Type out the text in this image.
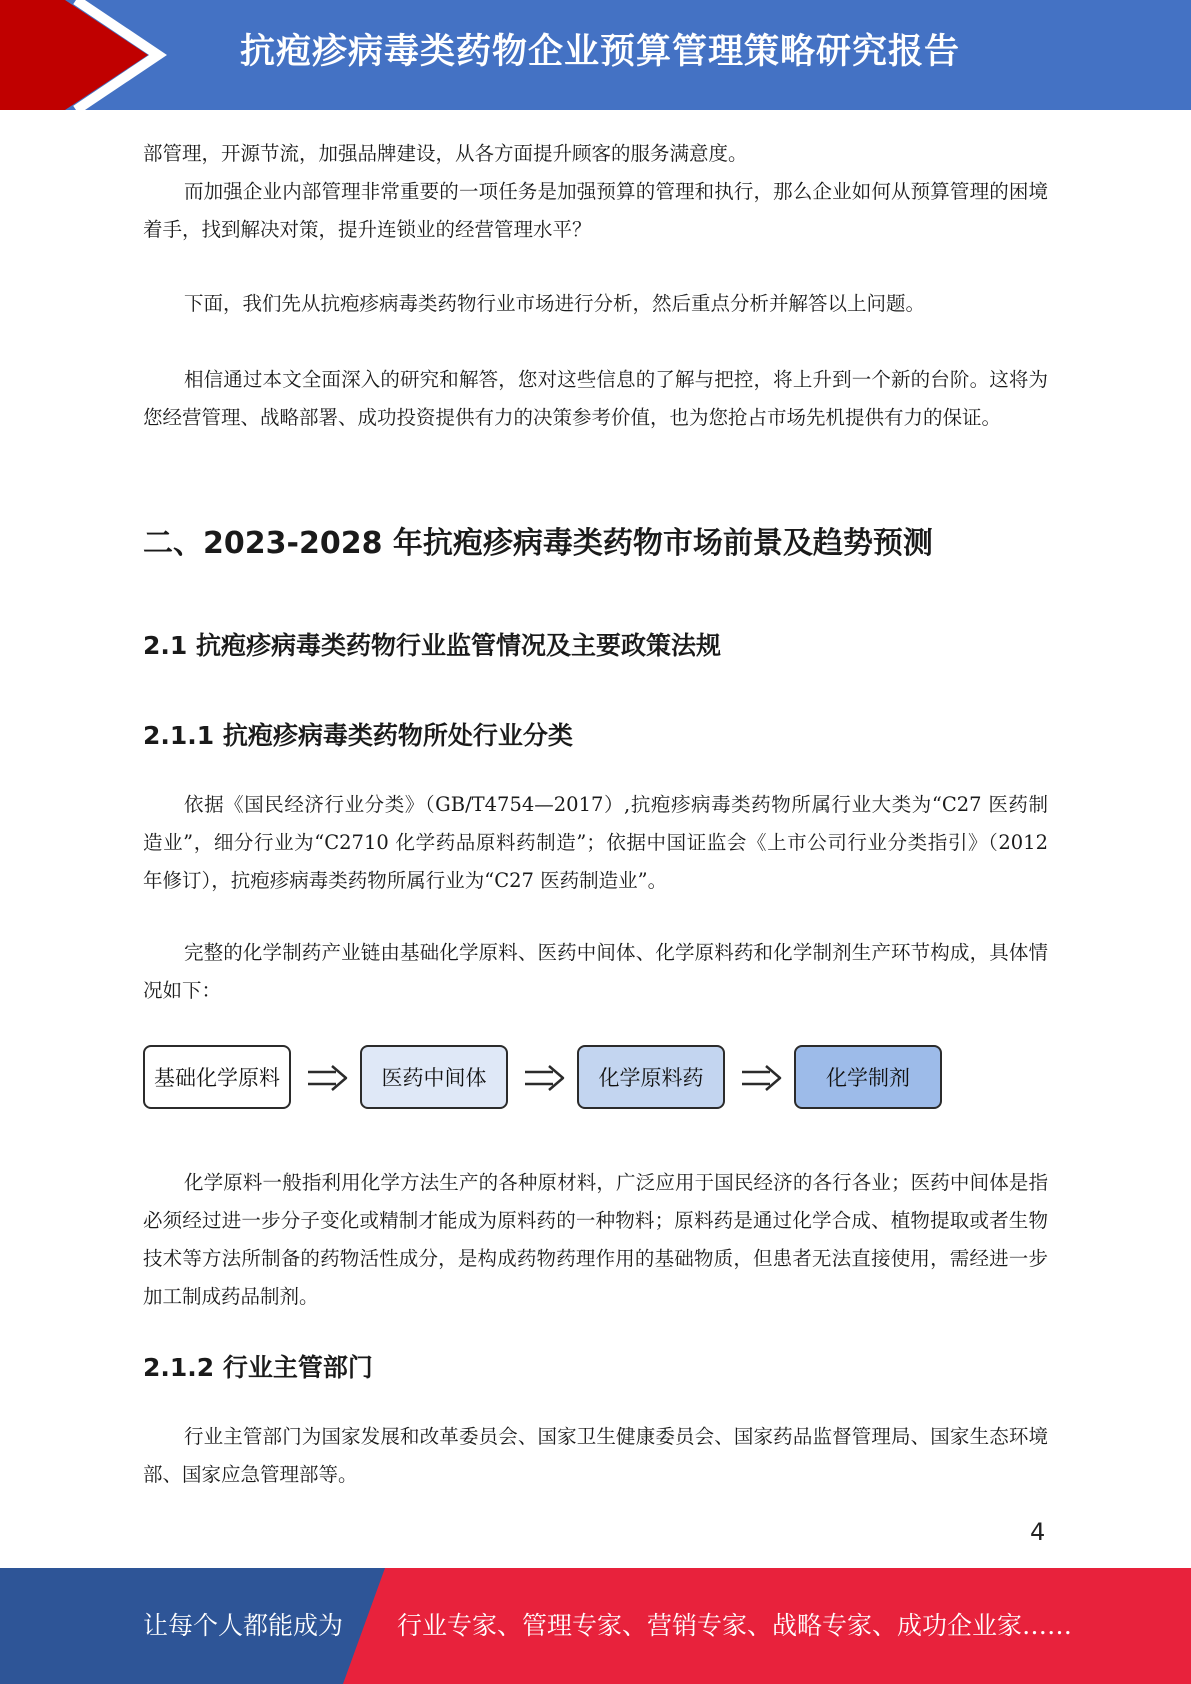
抗疱疹病毒类药物企业预算管理策略研究报告

部管理，开源节流，加强品牌建设，从各方面提升顾客的服务满意度。

而加强企业内部管理非常重要的一项任务是加强预算的管理和执行，那么企业如何从预算管理的困境着手，找到解决对策，提升连锁业的经营管理水平？

下面，我们先从抗疱疹病毒类药物行业市场进行分析，然后重点分析并解答以上问题。

相信通过本文全面深入的研究和解答，您对这些信息的了解与把控，将上升到一个新的台阶。这将为您经营管理、战略部署、成功投资提供有力的决策参考价值，也为您抢占市场先机提供有力的保证。

二、2023-2028 年抗疱疹病毒类药物市场前景及趋势预测
2.1 抗疱疹病毒类药物行业监管情况及主要政策法规
2.1.1 抗疱疹病毒类药物所处行业分类

依据《国民经济行业分类》（GB/T4754—2017）,抗疱疹病毒类药物所属行业大类为“C27 医药制造业”，细分行业为“C2710 化学药品原料药制造”；依据中国证监会《上市公司行业分类指引》（2012 年修订），抗疱疹病毒类药物所属行业为“C27 医药制造业”。

完整的化学制药产业链由基础化学原料、医药中间体、化学原料药和化学制剂生产环节构成，具体情况如下：

基础化学原料	医药中间体	化学原料药	化学制剂

化学原料一般指利用化学方法生产的各种原材料，广泛应用于国民经济的各行各业；医药中间体是指必须经过进一步分子变化或精制才能成为原料药的一种物料；原料药是通过化学合成、植物提取或者生物技术等方法所制备的药物活性成分，是构成药物药理作用的基础物质，但患者无法直接使用，需经进一步加工制成药品制剂。

2.1.2 行业主管部门

行业主管部门为国家发展和改革委员会、国家卫生健康委员会、国家药品监督管理局、国家生态环境部、国家应急管理部等。

4
让每个人都能成为 行业专家、管理专家、营销专家、战略专家、成功企业家……
